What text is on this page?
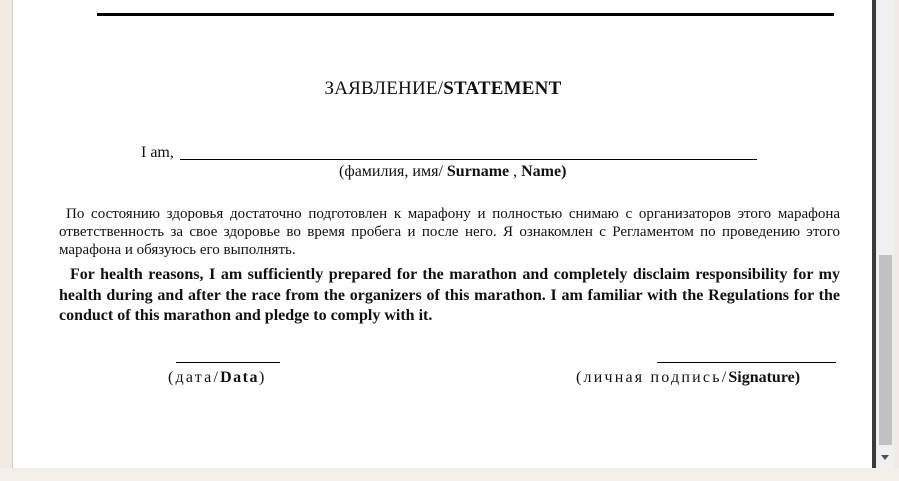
ЗАЯВЛЕНИЕ/STATEMENT
I am,
(фамилия, имя/ Surname , Name)
По состоянию здоровья достаточно подготовлен к марафону и полностью снимаю с организаторов этого марафона ответственность за свое здоровье во время пробега и после него. Я ознакомлен с Регламентом по проведению этого марафона и обязуюсь его выполнять.
For health reasons, I am sufficiently prepared for the marathon and completely disclaim responsibility for my health during and after the race from the organizers of this marathon. I am familiar with the Regulations for the conduct of this marathon and pledge to comply with it.
(дата/Data)	(личная подпись/Signature)
